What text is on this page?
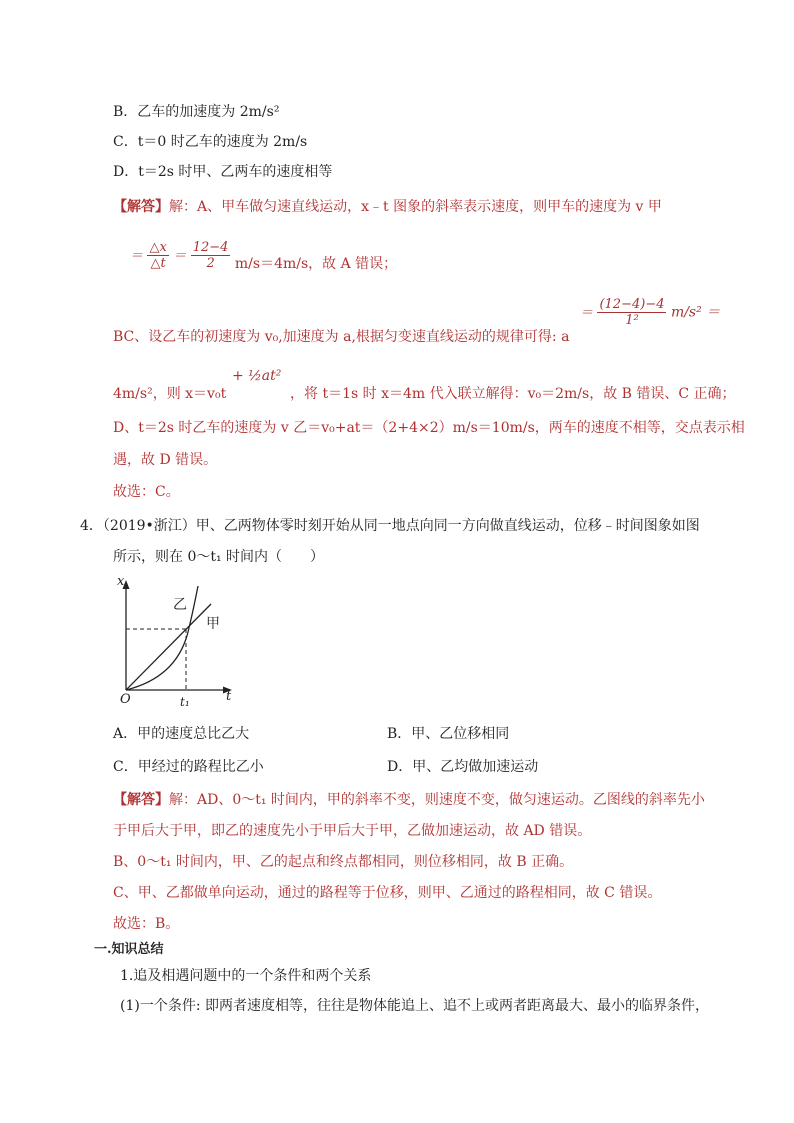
B．乙车的加速度为 2m/s²
C．t＝0 时乙车的速度为 2m/s
D．t＝2s 时甲、乙两车的速度相等
【解答】解：A、甲车做匀速直线运动，x﹣t 图象的斜率表示速度，则甲车的速度为 v 甲
＝ $\frac{\triangle x}{\triangle t} = \frac{12-4}{2} m/s=4m/s$，故 A 错误；
BC、设乙车的初速度为 v₀,加速度为 a,根据匀变速直线运动的规律可得: a
＝ $\frac{(12-4)-4}{\text{1²}} m/s^2$ ＝
+ ½at²
4m/s²，则 x＝v₀t	，将 t＝1s 时 x＝4m 代入联立解得：v₀＝2m/s，故 B 错误、C 正确；
D、t＝2s 时乙车的速度为 v 乙＝v₀+at＝（2+4×2）m/s＝10m/s，两车的速度不相等，交点表示相
遇，故 D 错误。
故选：C。
4．（2019•浙江）甲、乙两物体零时刻开始从同一地点向同一方向做直线运动，位移﹣时间图象如图
所示，则在 0～t₁ 时间内（　　）
x
t
O	t₁
乙
甲
A．甲的速度总比乙大	B．甲、乙位移相同
C．甲经过的路程比乙小	D．甲、乙均做加速运动
【解答】解：AD、0～t₁ 时间内，甲的斜率不变，则速度不变，做匀速运动。乙图线的斜率先小
于甲后大于甲，即乙的速度先小于甲后大于甲，乙做加速运动，故 AD 错误。
B、0～t₁ 时间内，甲、乙的起点和终点都相同，则位移相同，故 B 正确。
C、甲、乙都做单向运动，通过的路程等于位移，则甲、乙通过的路程相同，故 C 错误。
故选：B。
一.知识总结
1.追及相遇问题中的一个条件和两个关系
(1)一个条件: 即两者速度相等，往往是物体能追上、追不上或两者距离最大、最小的临界条件，
